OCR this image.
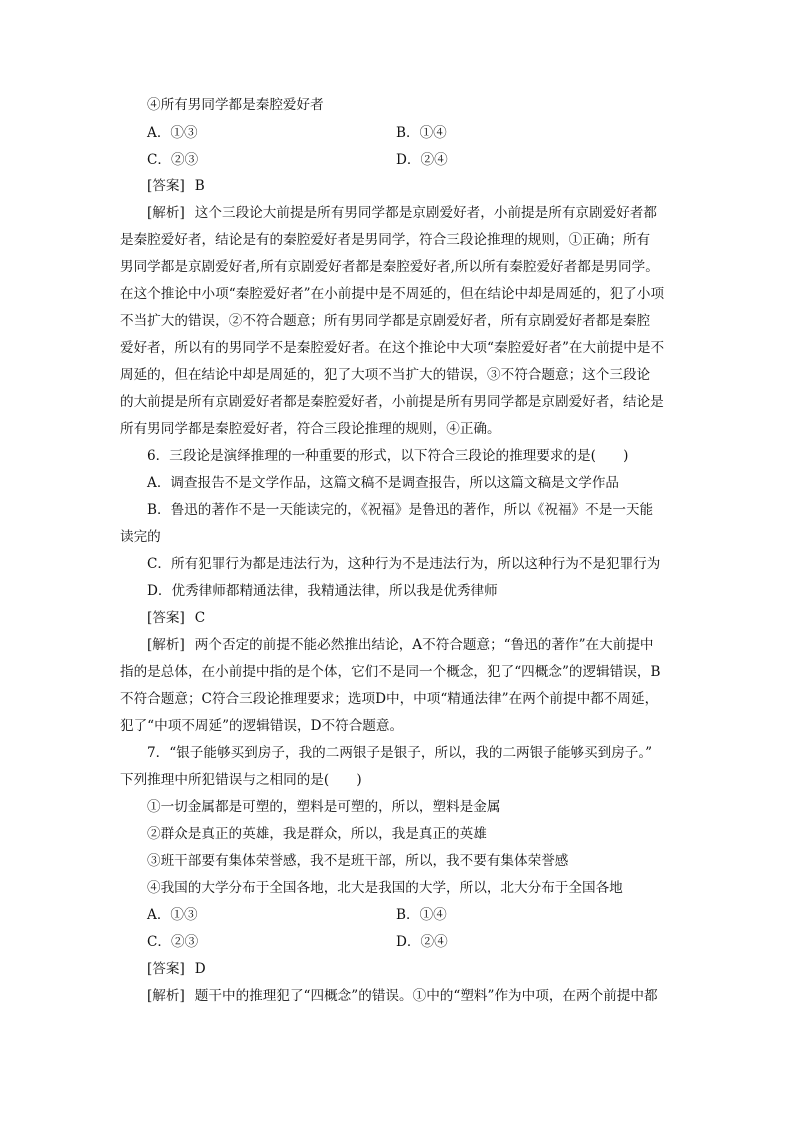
④所有男同学都是秦腔爱好者
A．①③	B．①④
C．②③	D．②④
[答案] B
[解析] 这个三段论大前提是所有男同学都是京剧爱好者，小前提是所有京剧爱好者都
是秦腔爱好者，结论是有的秦腔爱好者是男同学，符合三段论推理的规则，①正确；所有
男同学都是京剧爱好者,所有京剧爱好者都是秦腔爱好者,所以所有秦腔爱好者都是男同学。
在这个推论中小项“秦腔爱好者”在小前提中是不周延的，但在结论中却是周延的，犯了小项
不当扩大的错误，②不符合题意；所有男同学都是京剧爱好者，所有京剧爱好者都是秦腔
爱好者，所以有的男同学不是秦腔爱好者。在这个推论中大项“秦腔爱好者”在大前提中是不
周延的，但在结论中却是周延的，犯了大项不当扩大的错误，③不符合题意；这个三段论
的大前提是所有京剧爱好者都是秦腔爱好者，小前提是所有男同学都是京剧爱好者，结论是
所有男同学都是秦腔爱好者，符合三段论推理的规则，④正确。
6．三段论是演绎推理的一种重要的形式，以下符合三段论的推理要求的是(　　)
A．调查报告不是文学作品，这篇文稿不是调查报告，所以这篇文稿是文学作品
B．鲁迅的著作不是一天能读完的，《祝福》是鲁迅的著作，所以《祝福》不是一天能
读完的
C．所有犯罪行为都是违法行为，这种行为不是违法行为，所以这种行为不是犯罪行为
D．优秀律师都精通法律，我精通法律，所以我是优秀律师
[答案] C
[解析] 两个否定的前提不能必然推出结论，A不符合题意；“鲁迅的著作”在大前提中
指的是总体，在小前提中指的是个体，它们不是同一个概念，犯了“四概念”的逻辑错误，B
不符合题意；C符合三段论推理要求；选项D中，中项“精通法律”在两个前提中都不周延，
犯了“中项不周延”的逻辑错误，D不符合题意。
7．“银子能够买到房子，我的二两银子是银子，所以，我的二两银子能够买到房子。”
下列推理中所犯错误与之相同的是(　　)
①一切金属都是可塑的，塑料是可塑的，所以，塑料是金属
②群众是真正的英雄，我是群众，所以，我是真正的英雄
③班干部要有集体荣誉感，我不是班干部，所以，我不要有集体荣誉感
④我国的大学分布于全国各地，北大是我国的大学，所以，北大分布于全国各地
A．①③	B．①④
C．②③	D．②④
[答案] D
[解析] 题干中的推理犯了“四概念”的错误。①中的“塑料”作为中项，在两个前提中都
